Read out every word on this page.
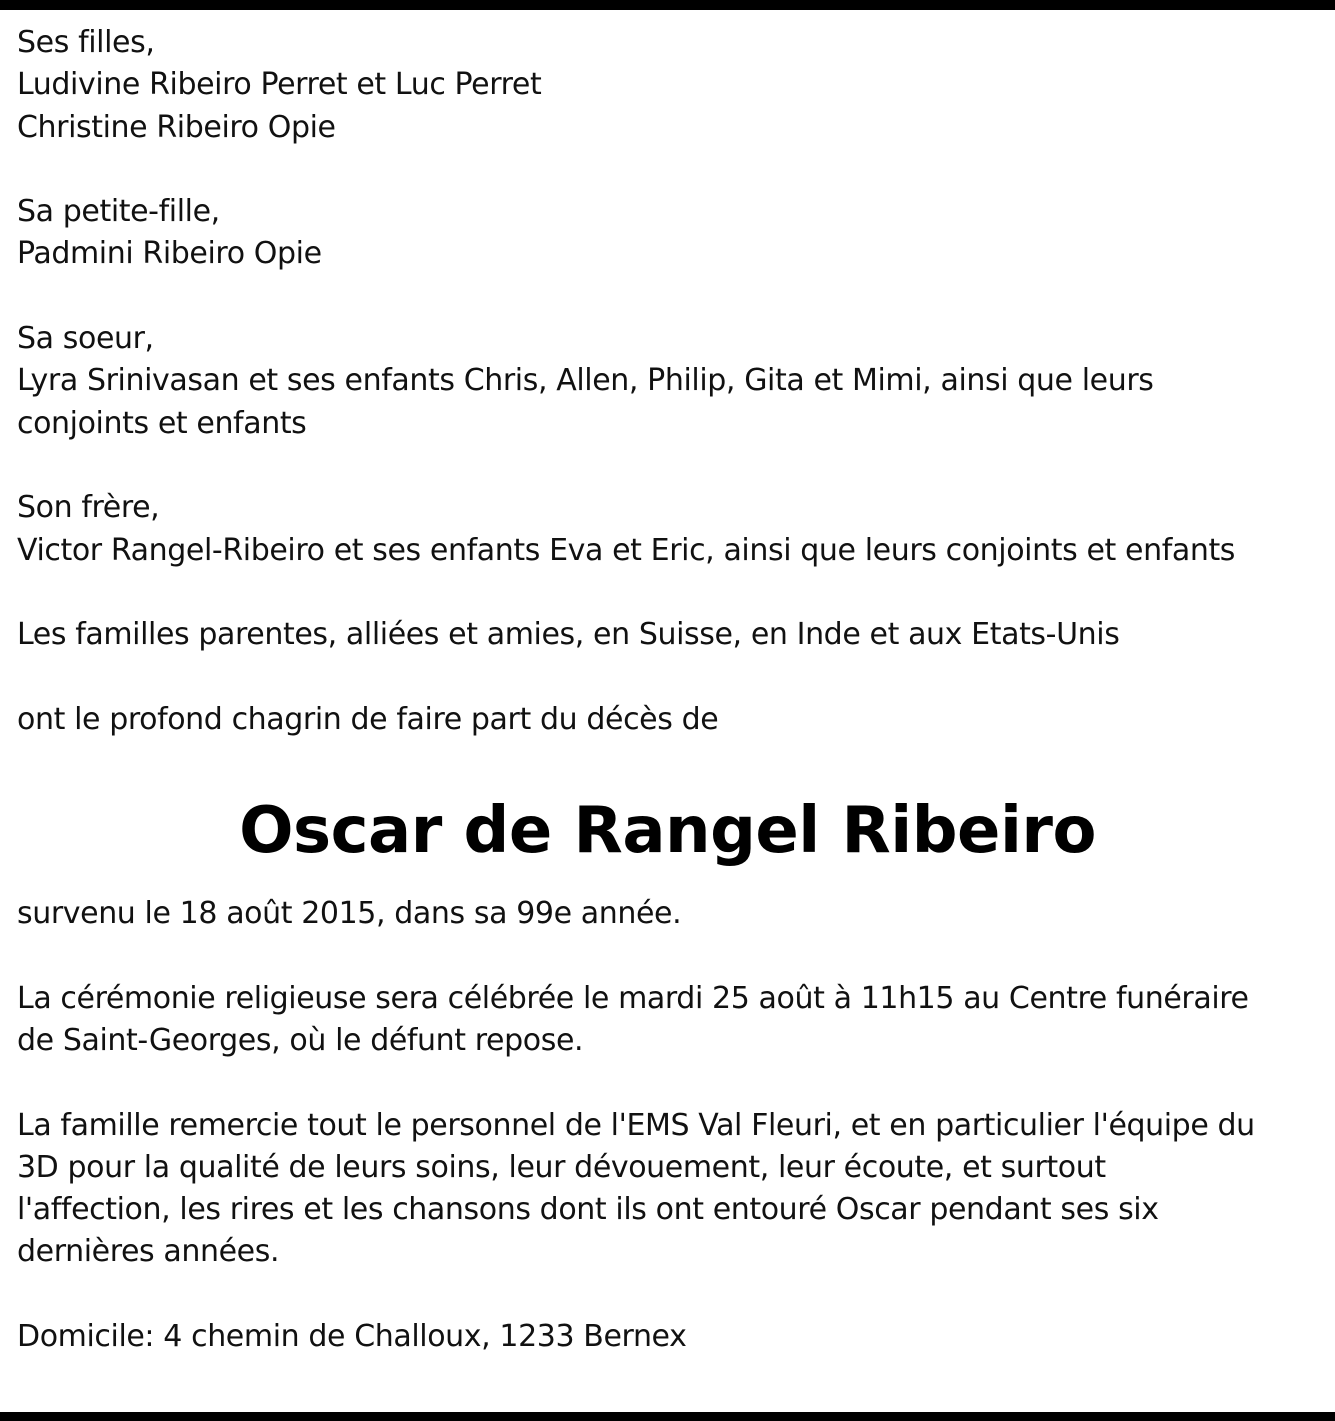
Ses filles,
Ludivine Ribeiro Perret et Luc Perret
Christine Ribeiro Opie
Sa petite-fille,
Padmini Ribeiro Opie
Sa soeur,
Lyra Srinivasan et ses enfants Chris, Allen, Philip, Gita et Mimi, ainsi que leurs
conjoints et enfants
Son frère,
Victor Rangel-Ribeiro et ses enfants Eva et Eric, ainsi que leurs conjoints et enfants
Les familles parentes, alliées et amies, en Suisse, en Inde et aux Etats-Unis
ont le profond chagrin de faire part du décès de
Oscar de Rangel Ribeiro
survenu le 18 août 2015, dans sa 99e année.
La cérémonie religieuse sera célébrée le mardi 25 août à 11h15 au Centre funéraire
de Saint-Georges, où le défunt repose.
La famille remercie tout le personnel de l'EMS Val Fleuri, et en particulier l'équipe du
3D pour la qualité de leurs soins, leur dévouement, leur écoute, et surtout
l'affection, les rires et les chansons dont ils ont entouré Oscar pendant ses six
dernières années.
Domicile: 4 chemin de Challoux, 1233 Bernex
